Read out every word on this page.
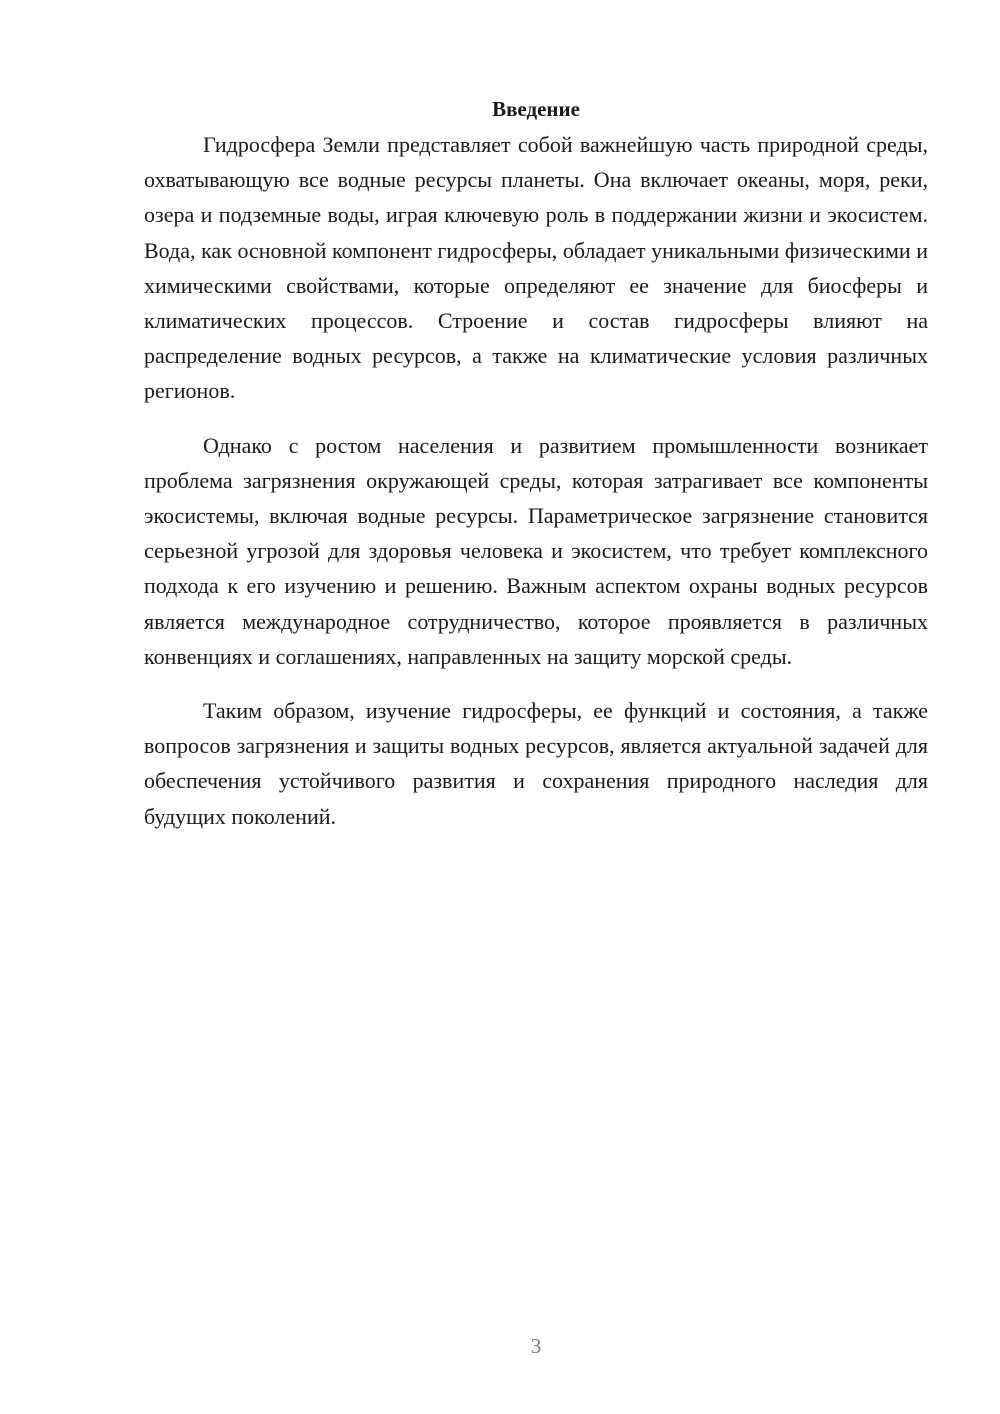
Введение

Гидросфера Земли представляет собой важнейшую часть природной среды, охватывающую все водные ресурсы планеты. Она включает океаны, моря, реки, озера и подземные воды, играя ключевую роль в поддержании жизни и экосистем. Вода, как основной компонент гидросферы, обладает уникальными физическими и химическими свойствами, которые определяют ее значение для биосферы и климатических процессов. Строение и состав гидросферы влияют на распределение водных ресурсов, а также на климатические условия различных регионов.

Однако с ростом населения и развитием промышленности возникает проблема загрязнения окружающей среды, которая затрагивает все компоненты экосистемы, включая водные ресурсы. Параметрическое загрязнение становится серьезной угрозой для здоровья человека и экосистем, что требует комплексного подхода к его изучению и решению. Важным аспектом охраны водных ресурсов является международное сотрудничество, которое проявляется в различных конвенциях и соглашениях, направленных на защиту морской среды.

Таким образом, изучение гидросферы, ее функций и состояния, а также вопросов загрязнения и защиты водных ресурсов, является актуальной задачей для обеспечения устойчивого развития и сохранения природного наследия для будущих поколений.

3
